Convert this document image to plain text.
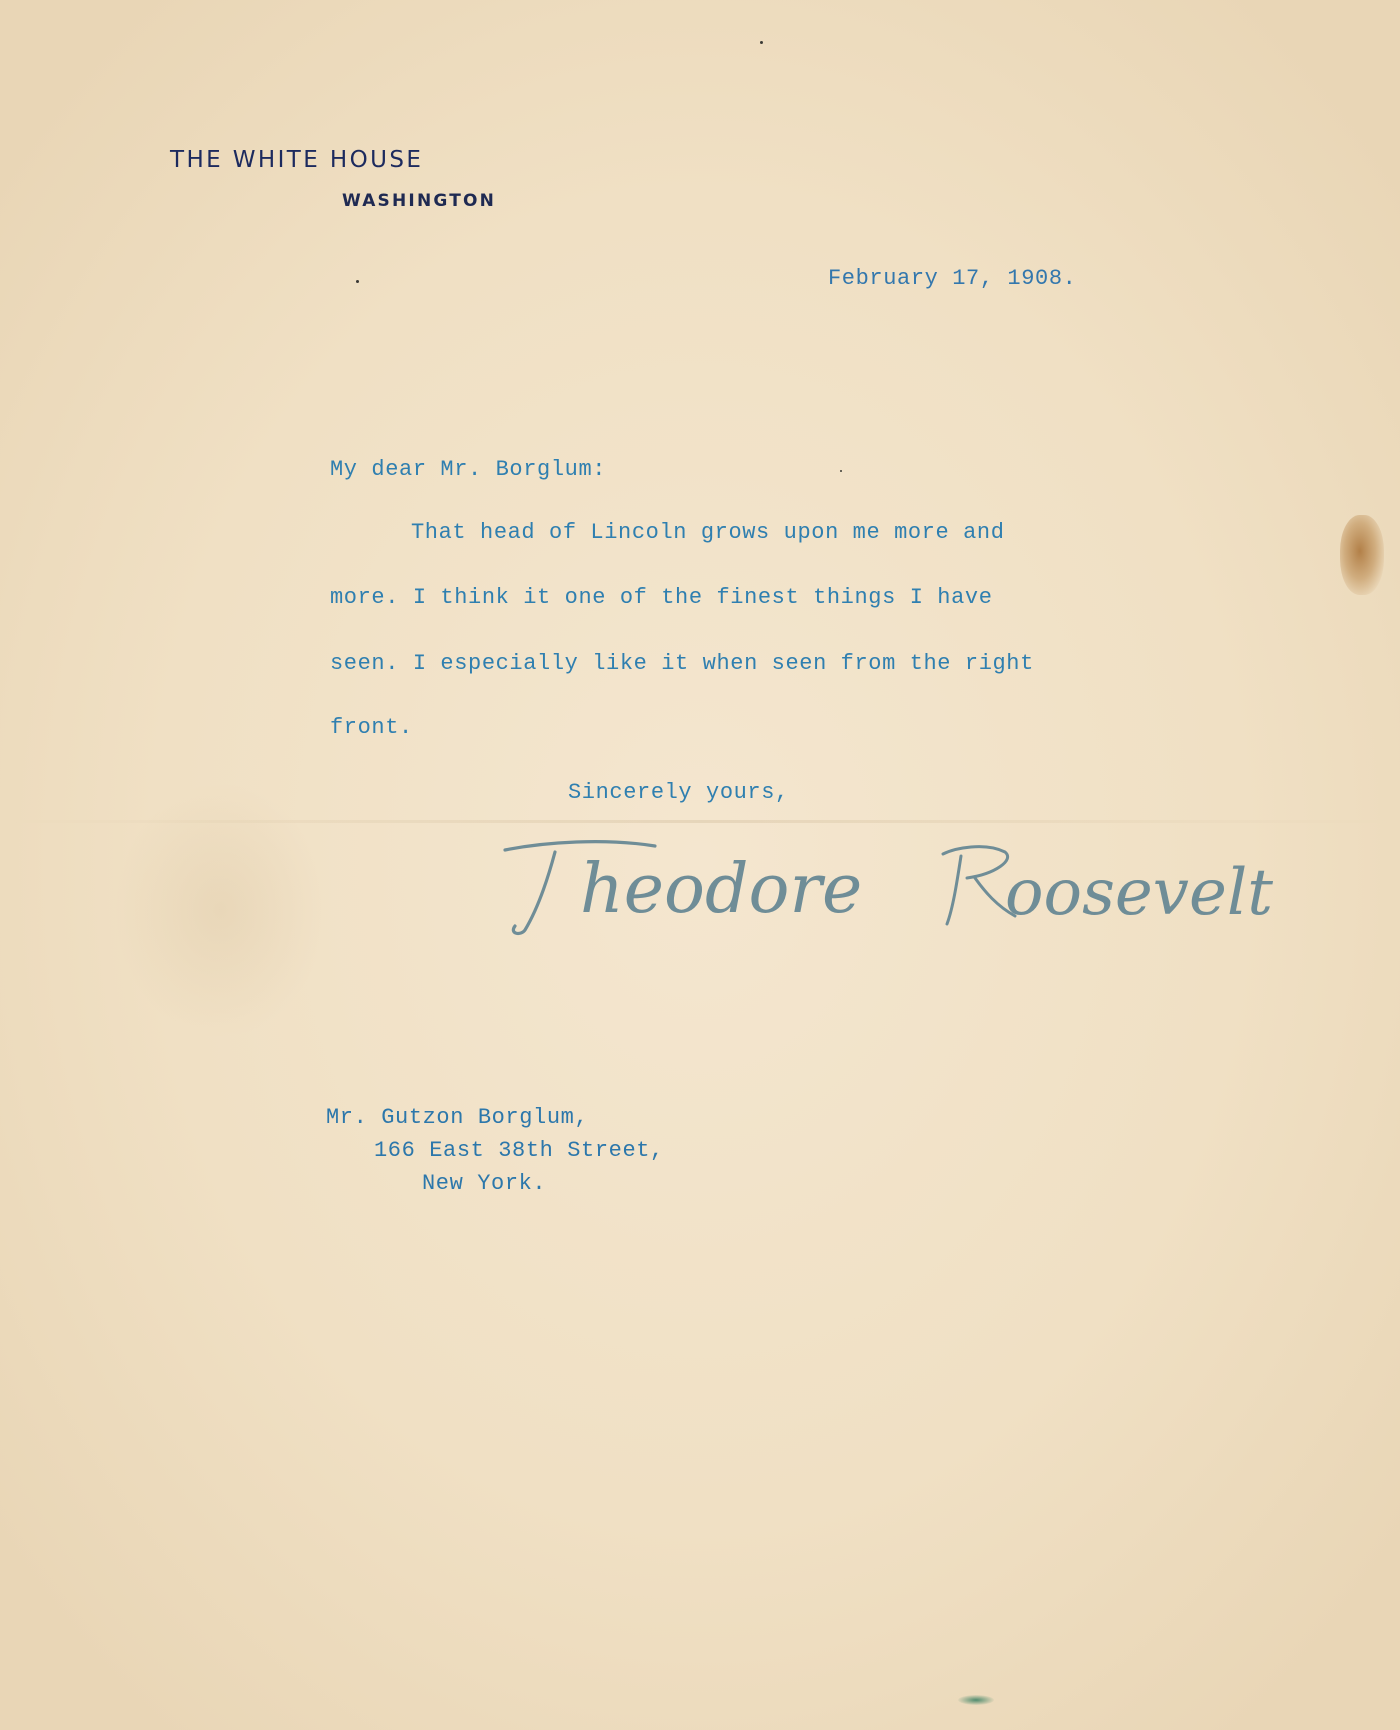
THE WHITE HOUSE
WASHINGTON

February 17, 1908.

My dear Mr. Borglum:

That head of Lincoln grows upon me more and

more. I think it one of the finest things I have

seen. I especially like it when seen from the right

front.

Sincerely yours,

heodore oosevelt

Mr. Gutzon Borglum,

166 East 38th Street,

New York.
